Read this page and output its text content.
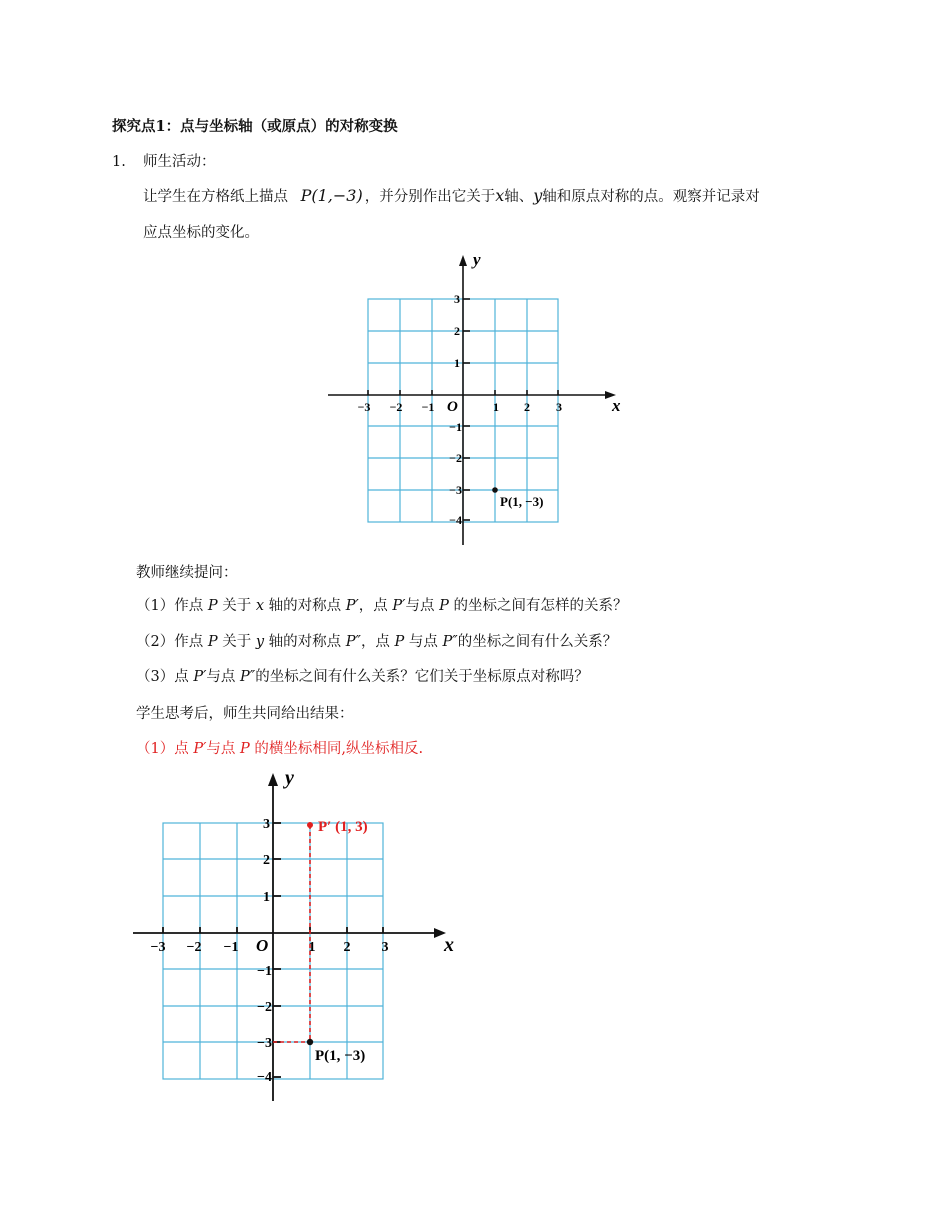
探究点1：点与坐标轴（或原点）的对称变换
1. 师生活动：
让学生在方格纸上描点 P(1,−3) ，并分别作出它关于x轴、y轴和原点对称的点。观察并记录对
应点坐标的变化。
x
y
O
−3 −2 −1	1 2 3
3
2
1
−1
−2
−3
−4
P(1, −3)
教师继续提问：
（1）作点 P 关于 x 轴的对称点 P′，点 P′与点 P 的坐标之间有怎样的关系？
（2）作点 P 关于 y 轴的对称点 P″，点 P 与点 P″的坐标之间有什么关系？
（3）点 P′与点 P″的坐标之间有什么关系？它们关于坐标原点对称吗？
学生思考后，师生共同给出结果：
（1）点 P′与点 P 的横坐标相同,纵坐标相反.
x
y
O
−3 −2 −1	1 2 3
3
2
1
−1
−2
−3
−4
P′ (1, 3)
P(1, −3)
